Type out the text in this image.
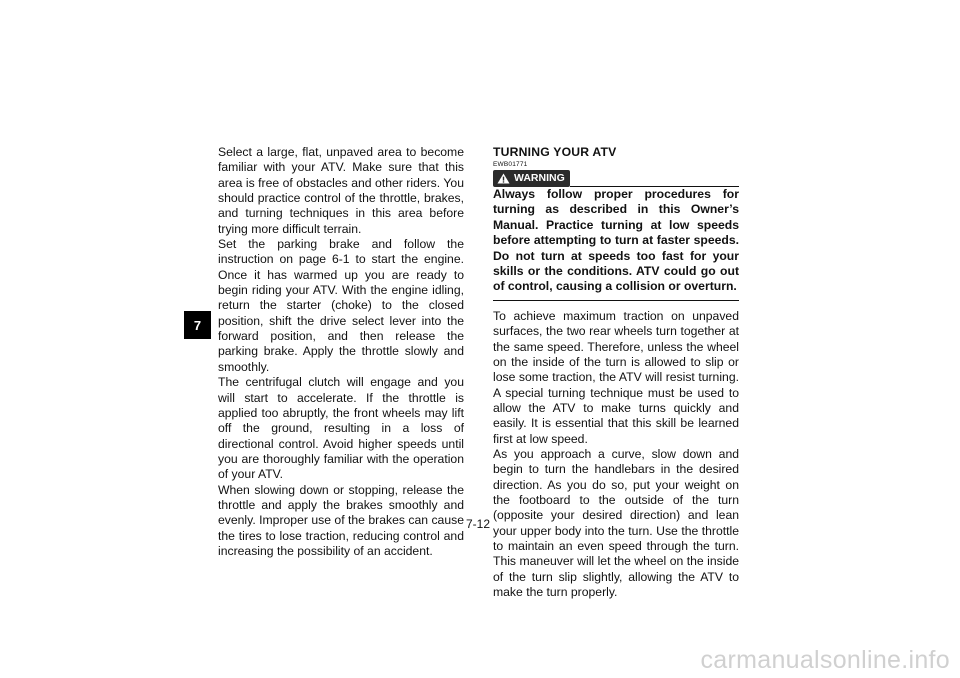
7

Select a large, flat, unpaved area to become familiar with your ATV. Make sure that this area is free of obstacles and other riders. You should practice control of the throttle, brakes, and turning techniques in this area before trying more difficult terrain.

Set the parking brake and follow the instruction on page 6-1 to start the engine. Once it has warmed up you are ready to begin riding your ATV. With the engine idling, return the starter (choke) to the closed position, shift the drive select lever into the forward position, and then release the parking brake. Apply the throttle slowly and smoothly.

The centrifugal clutch will engage and you will start to accelerate. If the throttle is applied too abruptly, the front wheels may lift off the ground, resulting in a loss of directional control. Avoid higher speeds until you are thoroughly familiar with the operation of your ATV.

When slowing down or stopping, release the throttle and apply the brakes smoothly and evenly. Improper use of the brakes can cause the tires to lose traction, reducing control and increasing the possibility of an accident.

TURNING YOUR ATV
EWB01771
WARNING

Always follow proper procedures for turning as described in this Owner’s Manual. Practice turning at low speeds before attempting to turn at faster speeds. Do not turn at speeds too fast for your skills or the conditions. ATV could go out of control, causing a collision or overturn.

To achieve maximum traction on unpaved surfaces, the two rear wheels turn together at the same speed. Therefore, unless the wheel on the inside of the turn is allowed to slip or lose some traction, the ATV will resist turning. A special turning technique must be used to allow the ATV to make turns quickly and easily. It is essential that this skill be learned first at low speed.

As you approach a curve, slow down and begin to turn the handlebars in the desired direction. As you do so, put your weight on the footboard to the outside of the turn (opposite your desired direction) and lean your upper body into the turn. Use the throttle to maintain an even speed through the turn. This maneuver will let the wheel on the inside of the turn slip slightly, allowing the ATV to make the turn properly.

7-12
carmanualsonline.info
